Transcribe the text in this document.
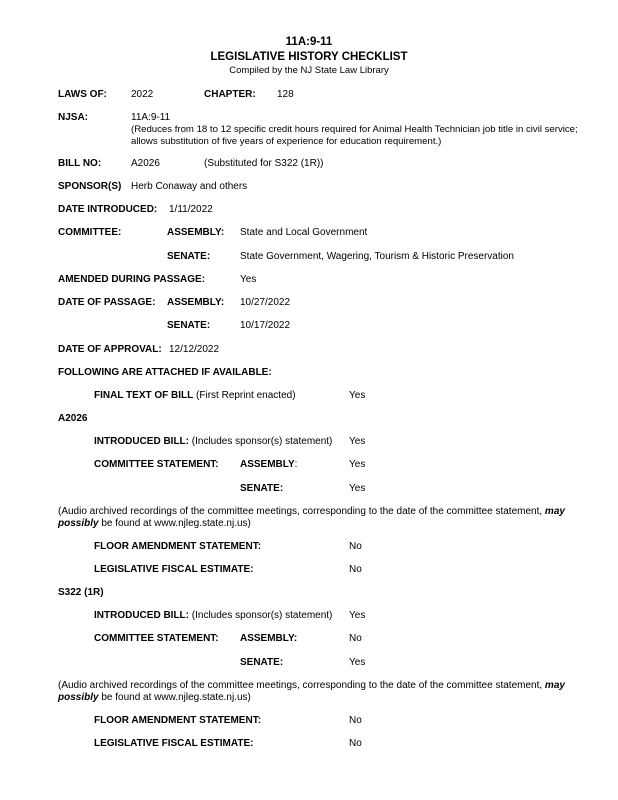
11A:9-11
LEGISLATIVE HISTORY CHECKLIST
Compiled by the NJ State Law Library
LAWS OF: 2022	CHAPTER: 128
NJSA:	11A:9-11
(Reduces from 18 to 12 specific credit hours required for Animal Health Technician job title in civil service; allows substitution of five years of experience for education requirement.)
BILL NO:	A2026	(Substituted for S322 (1R))
SPONSOR(S) Herb Conaway and others
DATE INTRODUCED: 1/11/2022
COMMITTEE:	ASSEMBLY: State and Local Government
SENATE:	State Government, Wagering, Tourism & Historic Preservation
AMENDED DURING PASSAGE:	Yes
DATE OF PASSAGE: ASSEMBLY: 10/27/2022
SENATE:	10/17/2022
DATE OF APPROVAL: 12/12/2022
FOLLOWING ARE ATTACHED IF AVAILABLE:
FINAL TEXT OF BILL (First Reprint enacted)	Yes
A2026
INTRODUCED BILL: (Includes sponsor(s) statement) Yes
COMMITTEE STATEMENT: ASSEMBLY:	Yes
SENATE:	Yes
(Audio archived recordings of the committee meetings, corresponding to the date of the committee statement, may possibly be found at www.njleg.state.nj.us)
FLOOR AMENDMENT STATEMENT:	No
LEGISLATIVE FISCAL ESTIMATE:	No
S322 (1R)
INTRODUCED BILL: (Includes sponsor(s) statement) Yes
COMMITTEE STATEMENT: ASSEMBLY:	No
SENATE:	Yes
(Audio archived recordings of the committee meetings, corresponding to the date of the committee statement, may possibly be found at www.njleg.state.nj.us)
FLOOR AMENDMENT STATEMENT:	No
LEGISLATIVE FISCAL ESTIMATE:	No
